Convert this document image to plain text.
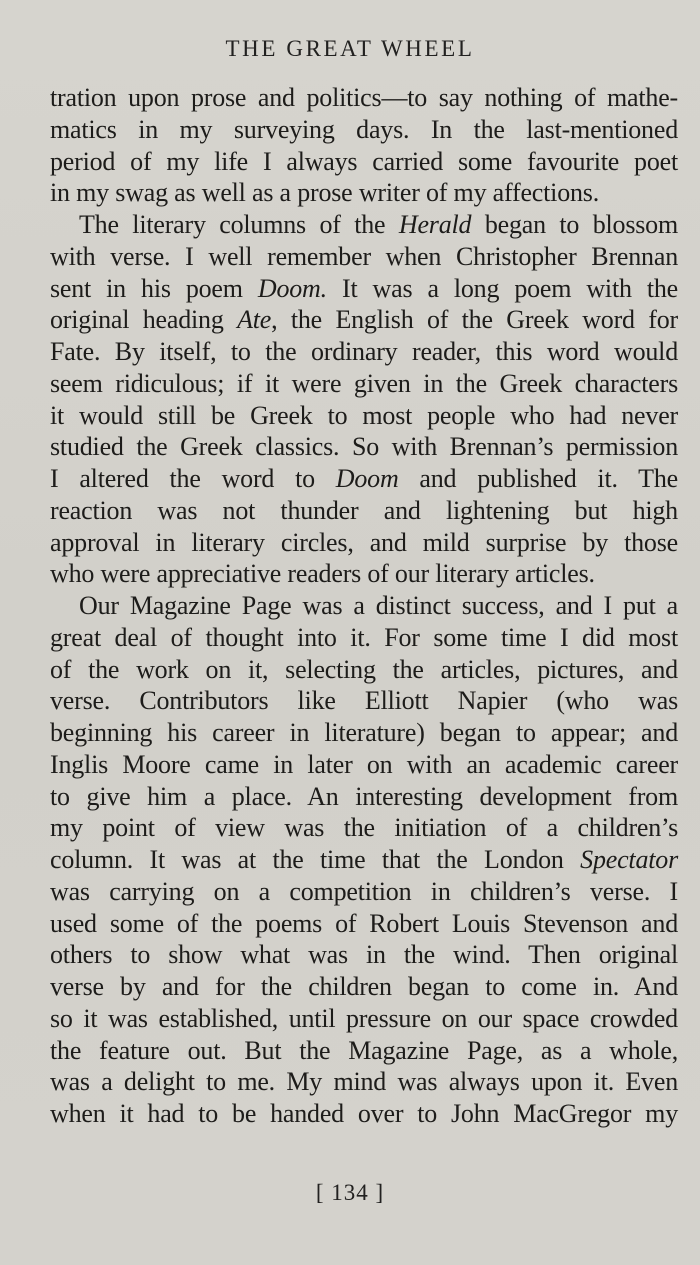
THE GREAT WHEEL
tration upon prose and politics—to say nothing of mathe-
matics in my surveying days. In the last-mentioned
period of my life I always carried some favourite poet
in my swag as well as a prose writer of my affections.
The literary columns of the Herald began to blossom
with verse. I well remember when Christopher Brennan
sent in his poem Doom. It was a long poem with the
original heading Ate, the English of the Greek word for
Fate. By itself, to the ordinary reader, this word would
seem ridiculous; if it were given in the Greek characters
it would still be Greek to most people who had never
studied the Greek classics. So with Brennan’s permission
I altered the word to Doom and published it. The
reaction was not thunder and lightening but high
approval in literary circles, and mild surprise by those
who were appreciative readers of our literary articles.
Our Magazine Page was a distinct success, and I put a
great deal of thought into it. For some time I did most
of the work on it, selecting the articles, pictures, and
verse. Contributors like Elliott Napier (who was
beginning his career in literature) began to appear; and
Inglis Moore came in later on with an academic career
to give him a place. An interesting development from
my point of view was the initiation of a children’s
column. It was at the time that the London Spectator
was carrying on a competition in children’s verse. I
used some of the poems of Robert Louis Stevenson and
others to show what was in the wind. Then original
verse by and for the children began to come in. And
so it was established, until pressure on our space crowded
the feature out. But the Magazine Page, as a whole,
was a delight to me. My mind was always upon it. Even
when it had to be handed over to John MacGregor my
[ 134 ]
